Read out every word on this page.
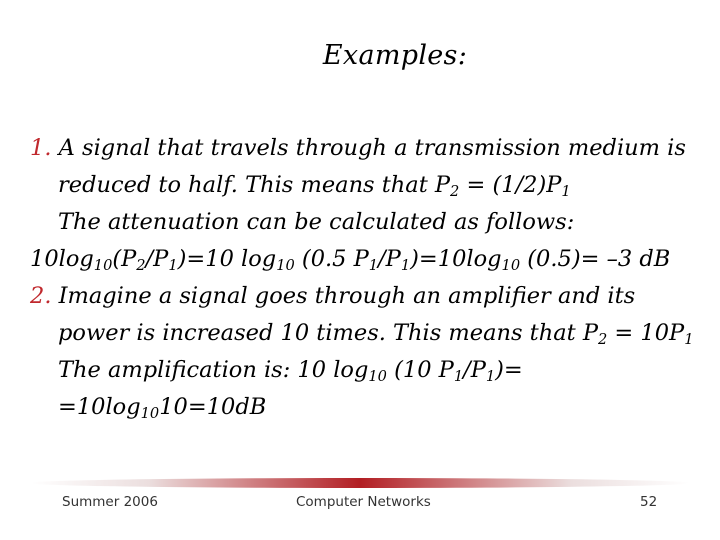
Examples:
1. A signal that travels through a transmission medium is
reduced to half. This means that $P_2 = (1/2)P_1$
The attenuation can be calculated as follows:
$10\log_{10}(P_2/P_1)=10$ $\log_{10} (0.5$ $P_1/P_1)=10\log_{10}$ (0.5)= –3 dB
2. Imagine a signal goes through an amplifier and its
power is increased 10 times. This means that $P_2 = 10P_1$
The amplification is: 10 $\log_{10} (10$ $P_1/P_1)=$
$=10\log_{10}10=10dB$
Summer 2006	Computer Networks	52
